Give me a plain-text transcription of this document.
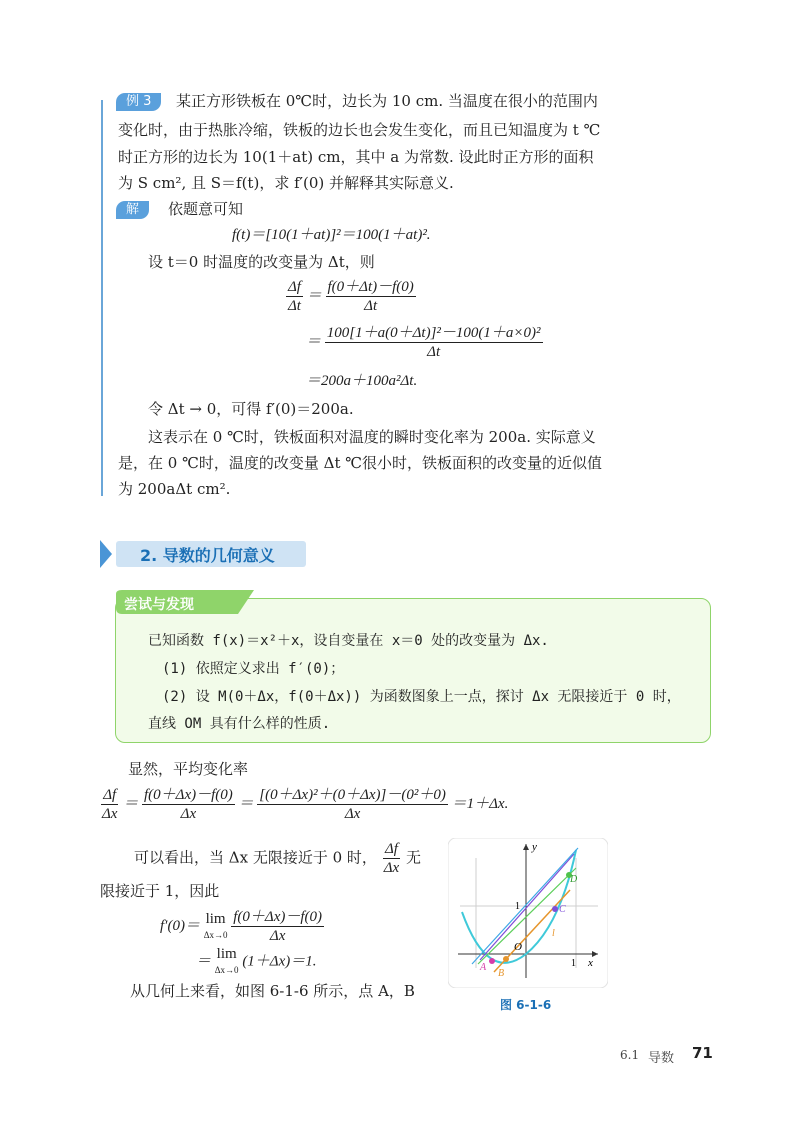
例 3	某正方形铁板在 0℃时，边长为 10 cm. 当温度在很小的范围内
变化时，由于热胀冷缩，铁板的边长也会发生变化，而且已知温度为 t ℃
时正方形的边长为 10(1＋at) cm，其中 a 为常数. 设此时正方形的面积
为 S cm², 且 S＝f(t)，求 f′(0) 并解释其实际意义.
解	依题意可知
f(t)＝[10(1＋at)]²＝100(1＋at)².
设 t＝0 时温度的改变量为 Δt，则
$\frac{\Delta f}{\Delta t} = \frac{f(0+\Delta t)-f(0)}{\Delta t}$
＝ $\frac{\text{100[1＋a(0＋Δt)]²－100(1＋a×0)²}}{\Delta t}$
＝200a＋100a²Δt.
令 Δt → 0，可得 f′(0)＝200a.
这表示在 0 ℃时，铁板面积对温度的瞬时变化率为 200a. 实际意义
是，在 0 ℃时，温度的改变量 Δt ℃很小时，铁板面积的改变量的近似值
为 200aΔt cm².
2. 导数的几何意义
尝试与发现
已知函数 f(x)＝x²＋x，设自变量在 x＝0 处的改变量为 Δx.
(1) 依照定义求出 f′(0)；
(2) 设 M(0＋Δx，f(0＋Δx)) 为函数图象上一点，探讨 Δx 无限接近于 0 时，
直线 OM 具有什么样的性质.
显然，平均变化率
$\frac{\Delta f}{\Delta x} = \frac{f(0+\Delta x)-f(0)}{\Delta x} = \frac{\text{[(0＋Δx)²＋(0＋Δx)]－(0²＋0)}}{\Delta x} =1+\Delta x$.
可以看出，当 Δx 无限接近于 0 时， $\frac{\Delta f}{\Delta x}$ 无
限接近于 1，因此
f′(0)＝ lim
Δx→0
$\frac{f(0+\Delta x)-f(0)}{\Delta x}$
＝ lim
Δx→0
(1＋Δx)＝1.
从几何上来看，如图 6-1-6 所示，点 A，B
y
x
O
1
1
A
B
C
D
l
图 6-1-6
6.1 导数 71
